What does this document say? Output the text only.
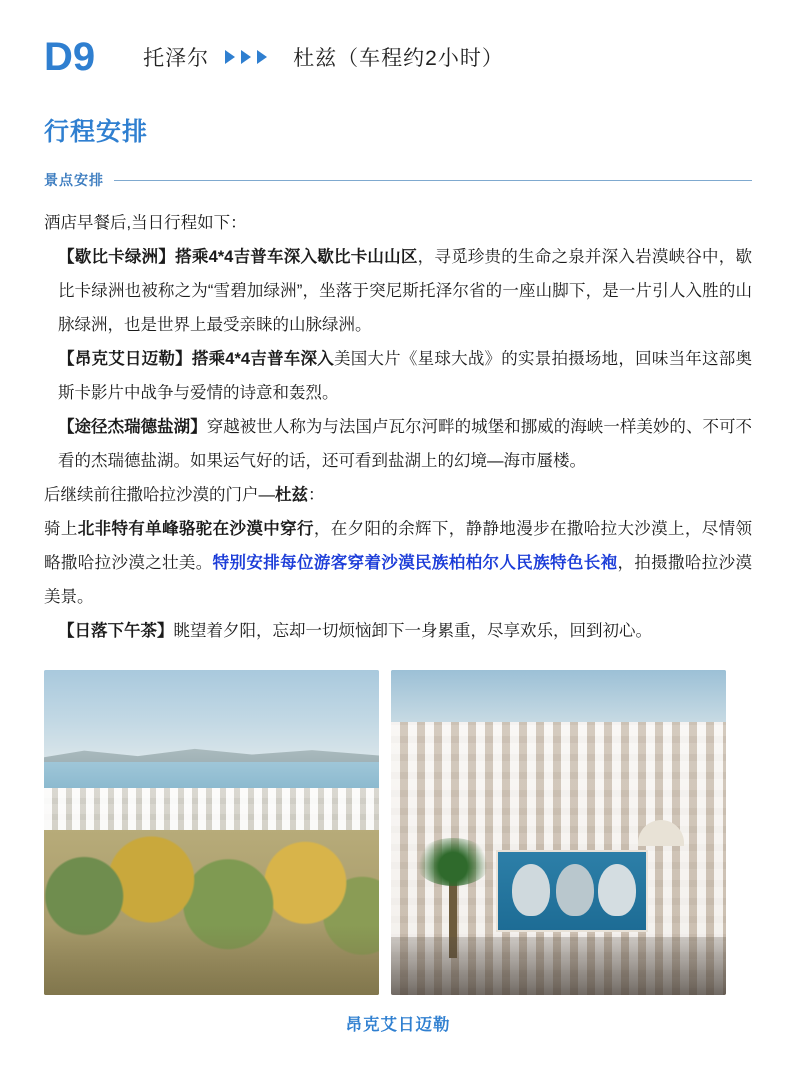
D9 托泽尔	杜兹（车程约2小时）
行程安排
景点安排

酒店早餐后,当日行程如下：

【歇比卡绿洲】搭乘4*4吉普车深入歇比卡山山区，寻觅珍贵的生命之泉并深入岩漠峡谷中，歇比卡绿洲也被称之为“雪碧加绿洲”，坐落于突尼斯托泽尔省的一座山脚下，是一片引人入胜的山脉绿洲，也是世界上最受亲睐的山脉绿洲。

【昂克艾日迈勒】搭乘4*4吉普车深入美国大片《星球大战》的实景拍摄场地，回味当年这部奥斯卡影片中战争与爱情的诗意和轰烈。

【途径杰瑞德盐湖】穿越被世人称为与法国卢瓦尔河畔的城堡和挪威的海峡一样美妙的、不可不看的杰瑞德盐湖。如果运气好的话，还可看到盐湖上的幻境—海市蜃楼。

后继续前往撒哈拉沙漠的门户—杜兹：

骑上北非特有单峰骆驼在沙漠中穿行，在夕阳的余辉下，静静地漫步在撒哈拉大沙漠上，尽情领略撒哈拉沙漠之壮美。特别安排每位游客穿着沙漠民族柏柏尔人民族特色长袍，拍摄撒哈拉沙漠美景。

【日落下午茶】眺望着夕阳，忘却一切烦恼卸下一身累重，尽享欢乐，回到初心。

昂克艾日迈勒
